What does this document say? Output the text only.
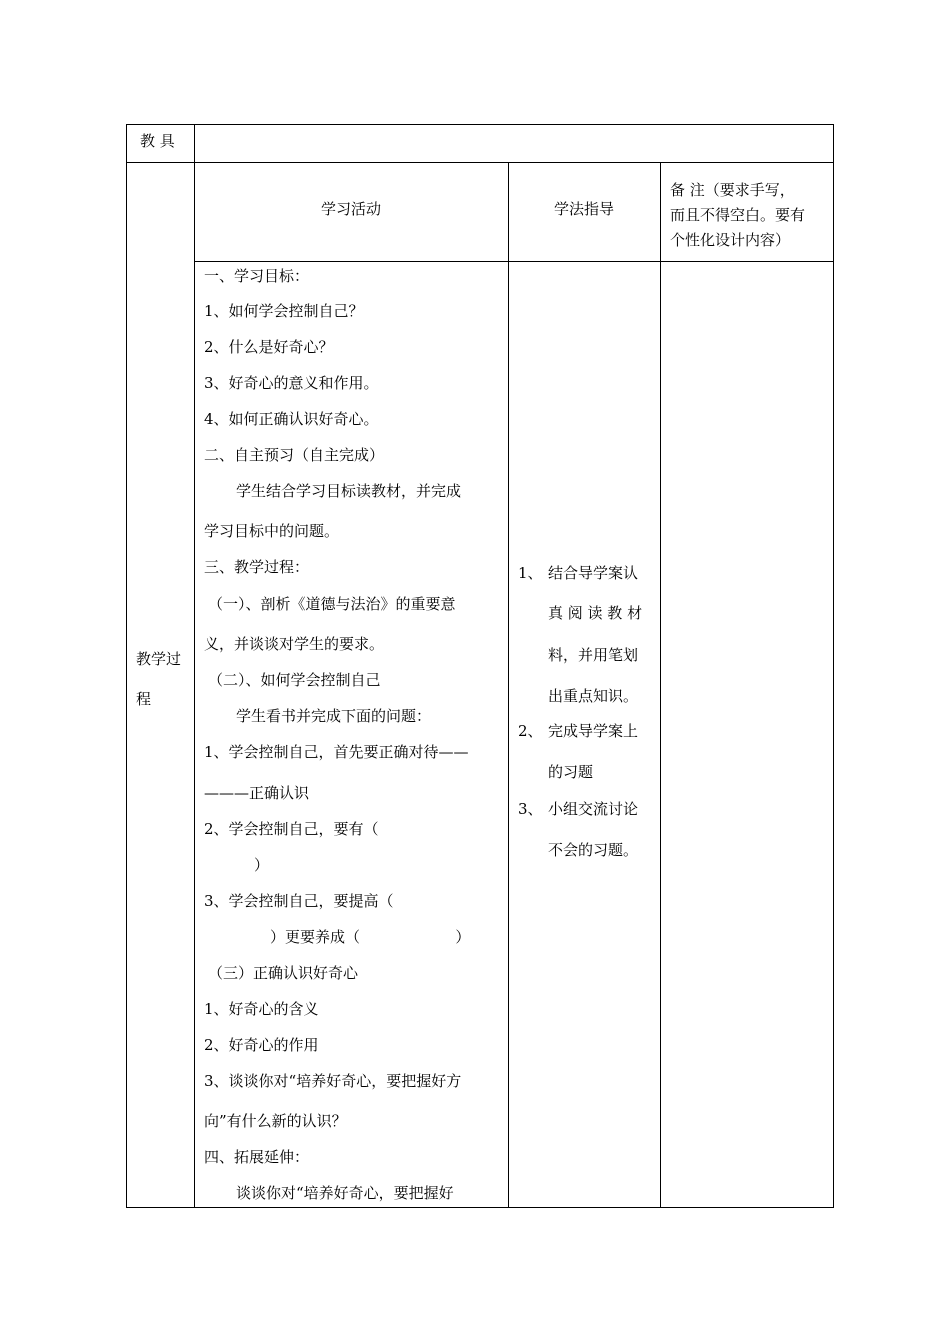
教 具
学习活动	学法指导
备 注（要求手写，
而且不得空白。要有
个性化设计内容）
教学过
程
一、学习目标：
1、如何学会控制自己？
2、什么是好奇心？
3、好奇心的意义和作用。
4、如何正确认识好奇心。
二、自主预习（自主完成）
学生结合学习目标读教材，并完成
学习目标中的问题。
三、教学过程：
（一）、剖析《道德与法治》的重要意
义，并谈谈对学生的要求。
（二）、如何学会控制自己
学生看书并完成下面的问题：
1、学会控制自己，首先要正确对待——
———正确认识
2、学会控制自己，要有（
）
3、学会控制自己，要提高（
）更要养成（                    ）
（三）正确认识好奇心
1、好奇心的含义
2、好奇心的作用
3、谈谈你对“培养好奇心，要把握好方
向”有什么新的认识？
四、拓展延伸：
谈谈你对“培养好奇心，要把握好
1、 结合导学案认
真 阅 读 教 材
料，并用笔划
出重点知识。
2、 完成导学案上
的习题
3、 小组交流讨论
不会的习题。
